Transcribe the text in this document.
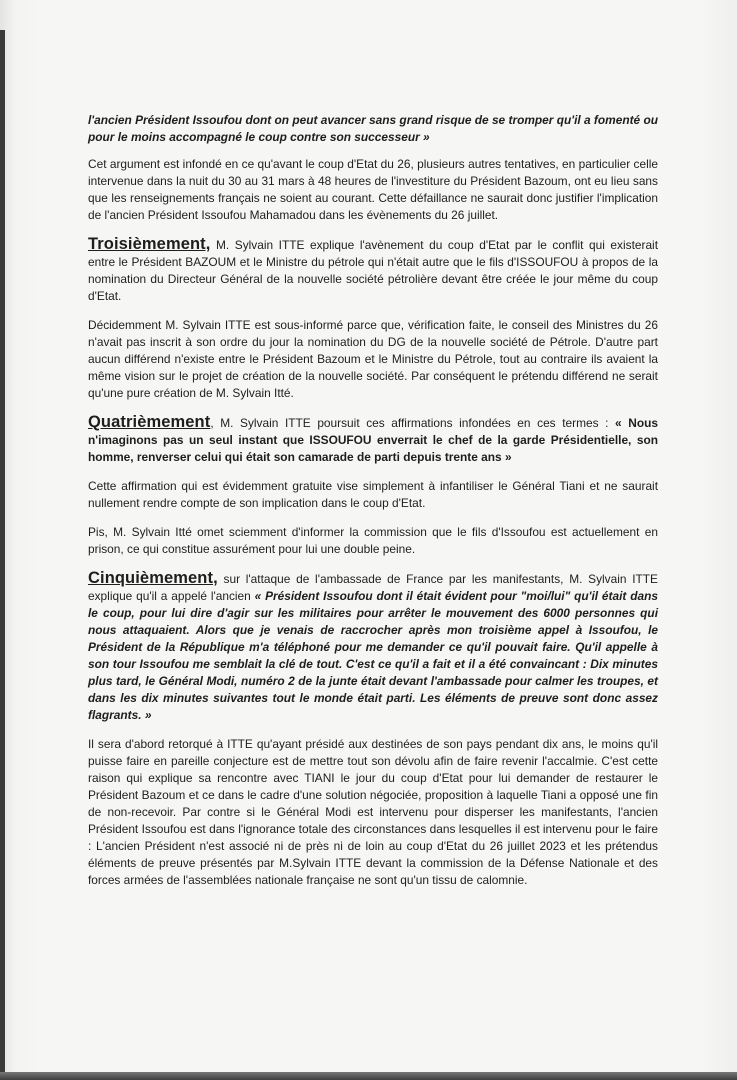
l'ancien Président Issoufou dont on peut avancer sans grand risque de se tromper qu'il a fomenté ou pour le moins accompagné le coup contre son successeur »

Cet argument est infondé en ce qu'avant le coup d'Etat du 26, plusieurs autres tentatives, en particulier celle intervenue dans la nuit du 30 au 31 mars à 48 heures de l'investiture du Président Bazoum, ont eu lieu sans que les renseignements français ne soient au courant. Cette défaillance ne saurait donc justifier l'implication de l'ancien Président Issoufou Mahamadou dans les évènements du 26 juillet.

Troisièmement, M. Sylvain ITTE explique l'avènement du coup d'Etat par le conflit qui existerait entre le Président BAZOUM et le Ministre du pétrole qui n'était autre que le fils d'ISSOUFOU à propos de la nomination du Directeur Général de la nouvelle société pétrolière devant être créée le jour même du coup d'Etat.

Décidemment M. Sylvain ITTE est sous-informé parce que, vérification faite, le conseil des Ministres du 26 n'avait pas inscrit à son ordre du jour la nomination du DG de la nouvelle société de Pétrole. D'autre part aucun différend n'existe entre le Président Bazoum et le Ministre du Pétrole, tout au contraire ils avaient la même vision sur le projet de création de la nouvelle société. Par conséquent le prétendu différend ne serait qu'une pure création de M. Sylvain Itté.

Quatrièmement, M. Sylvain ITTE poursuit ces affirmations infondées en ces termes : « Nous n'imaginons pas un seul instant que ISSOUFOU enverrait le chef de la garde Présidentielle, son homme, renverser celui qui était son camarade de parti depuis trente ans »

Cette affirmation qui est évidemment gratuite vise simplement à infantiliser le Général Tiani et ne saurait nullement rendre compte de son implication dans le coup d'Etat.

Pis, M. Sylvain Itté omet sciemment d'informer la commission que le fils d'Issoufou est actuellement en prison, ce qui constitue assurément pour lui une double peine.

Cinquièmement, sur l'attaque de l'ambassade de France par les manifestants, M. Sylvain ITTE explique qu'il a appelé l'ancien « Président Issoufou dont il était évident pour "moi/lui" qu'il était dans le coup, pour lui dire d'agir sur les militaires pour arrêter le mouvement des 6000 personnes qui nous attaquaient. Alors que je venais de raccrocher après mon troisième appel à Issoufou, le Président de la République m'a téléphoné pour me demander ce qu'il pouvait faire. Qu'il appelle à son tour Issoufou me semblait la clé de tout. C'est ce qu'il a fait et il a été convaincant : Dix minutes plus tard, le Général Modi, numéro 2 de la junte était devant l'ambassade pour calmer les troupes, et dans les dix minutes suivantes tout le monde était parti. Les éléments de preuve sont donc assez flagrants. »

Il sera d'abord retorqué à ITTE qu'ayant présidé aux destinées de son pays pendant dix ans, le moins qu'il puisse faire en pareille conjecture est de mettre tout son dévolu afin de faire revenir l'accalmie. C'est cette raison qui explique sa rencontre avec TIANI le jour du coup d'Etat pour lui demander de restaurer le Président Bazoum et ce dans le cadre d'une solution négociée, proposition à laquelle Tiani a opposé une fin de non-recevoir. Par contre si le Général Modi est intervenu pour disperser les manifestants, l'ancien Président Issoufou est dans l'ignorance totale des circonstances dans lesquelles il est intervenu pour le faire : L'ancien Président n'est associé ni de près ni de loin au coup d'Etat du 26 juillet 2023 et les prétendus éléments de preuve présentés par M.Sylvain ITTE devant la commission de la Défense Nationale et des forces armées de l'assemblées nationale française ne sont qu'un tissu de calomnie.
